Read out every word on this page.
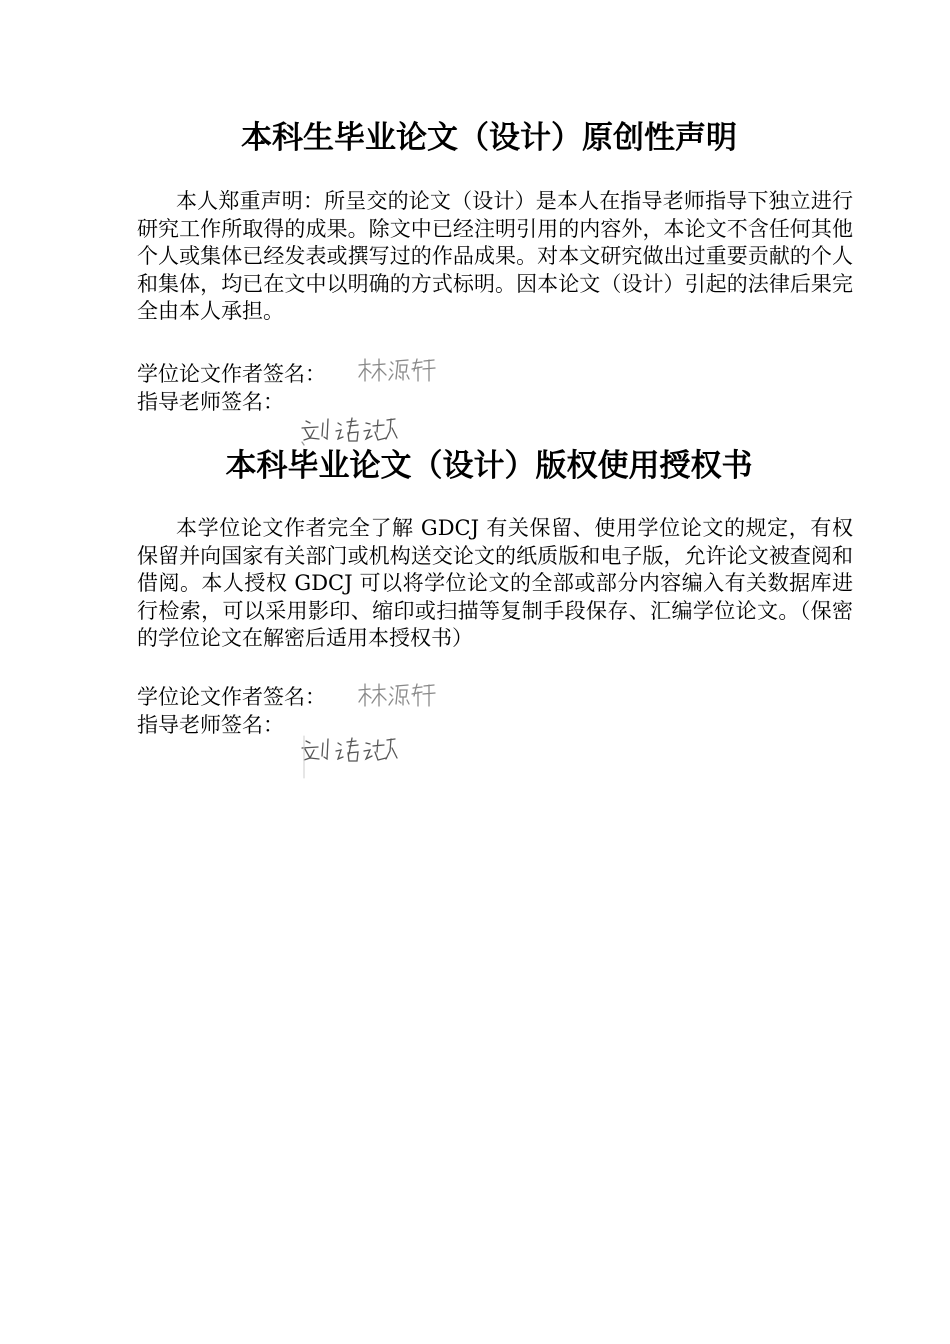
本科生毕业论文（设计）原创性声明

本人郑重声明：所呈交的论文（设计）是本人在指导老师指导下独立进行研究工作所取得的成果。除文中已经注明引用的内容外，本论文不含任何其他个人或集体已经发表或撰写过的作品成果。对本文研究做出过重要贡献的个人和集体，均已在文中以明确的方式标明。因本论文（设计）引起的法律后果完全由本人承担。

学位论文作者签名：
指导老师签名：
本科毕业论文（设计）版权使用授权书

本学位论文作者完全了解 GDCJ 有关保留、使用学位论文的规定，有权保留并向国家有关部门或机构送交论文的纸质版和电子版，允许论文被查阅和借阅。本人授权 GDCJ 可以将学位论文的全部或部分内容编入有关数据库进行检索，可以采用影印、缩印或扫描等复制手段保存、汇编学位论文。（保密的学位论文在解密后适用本授权书）

学位论文作者签名：
指导老师签名：
